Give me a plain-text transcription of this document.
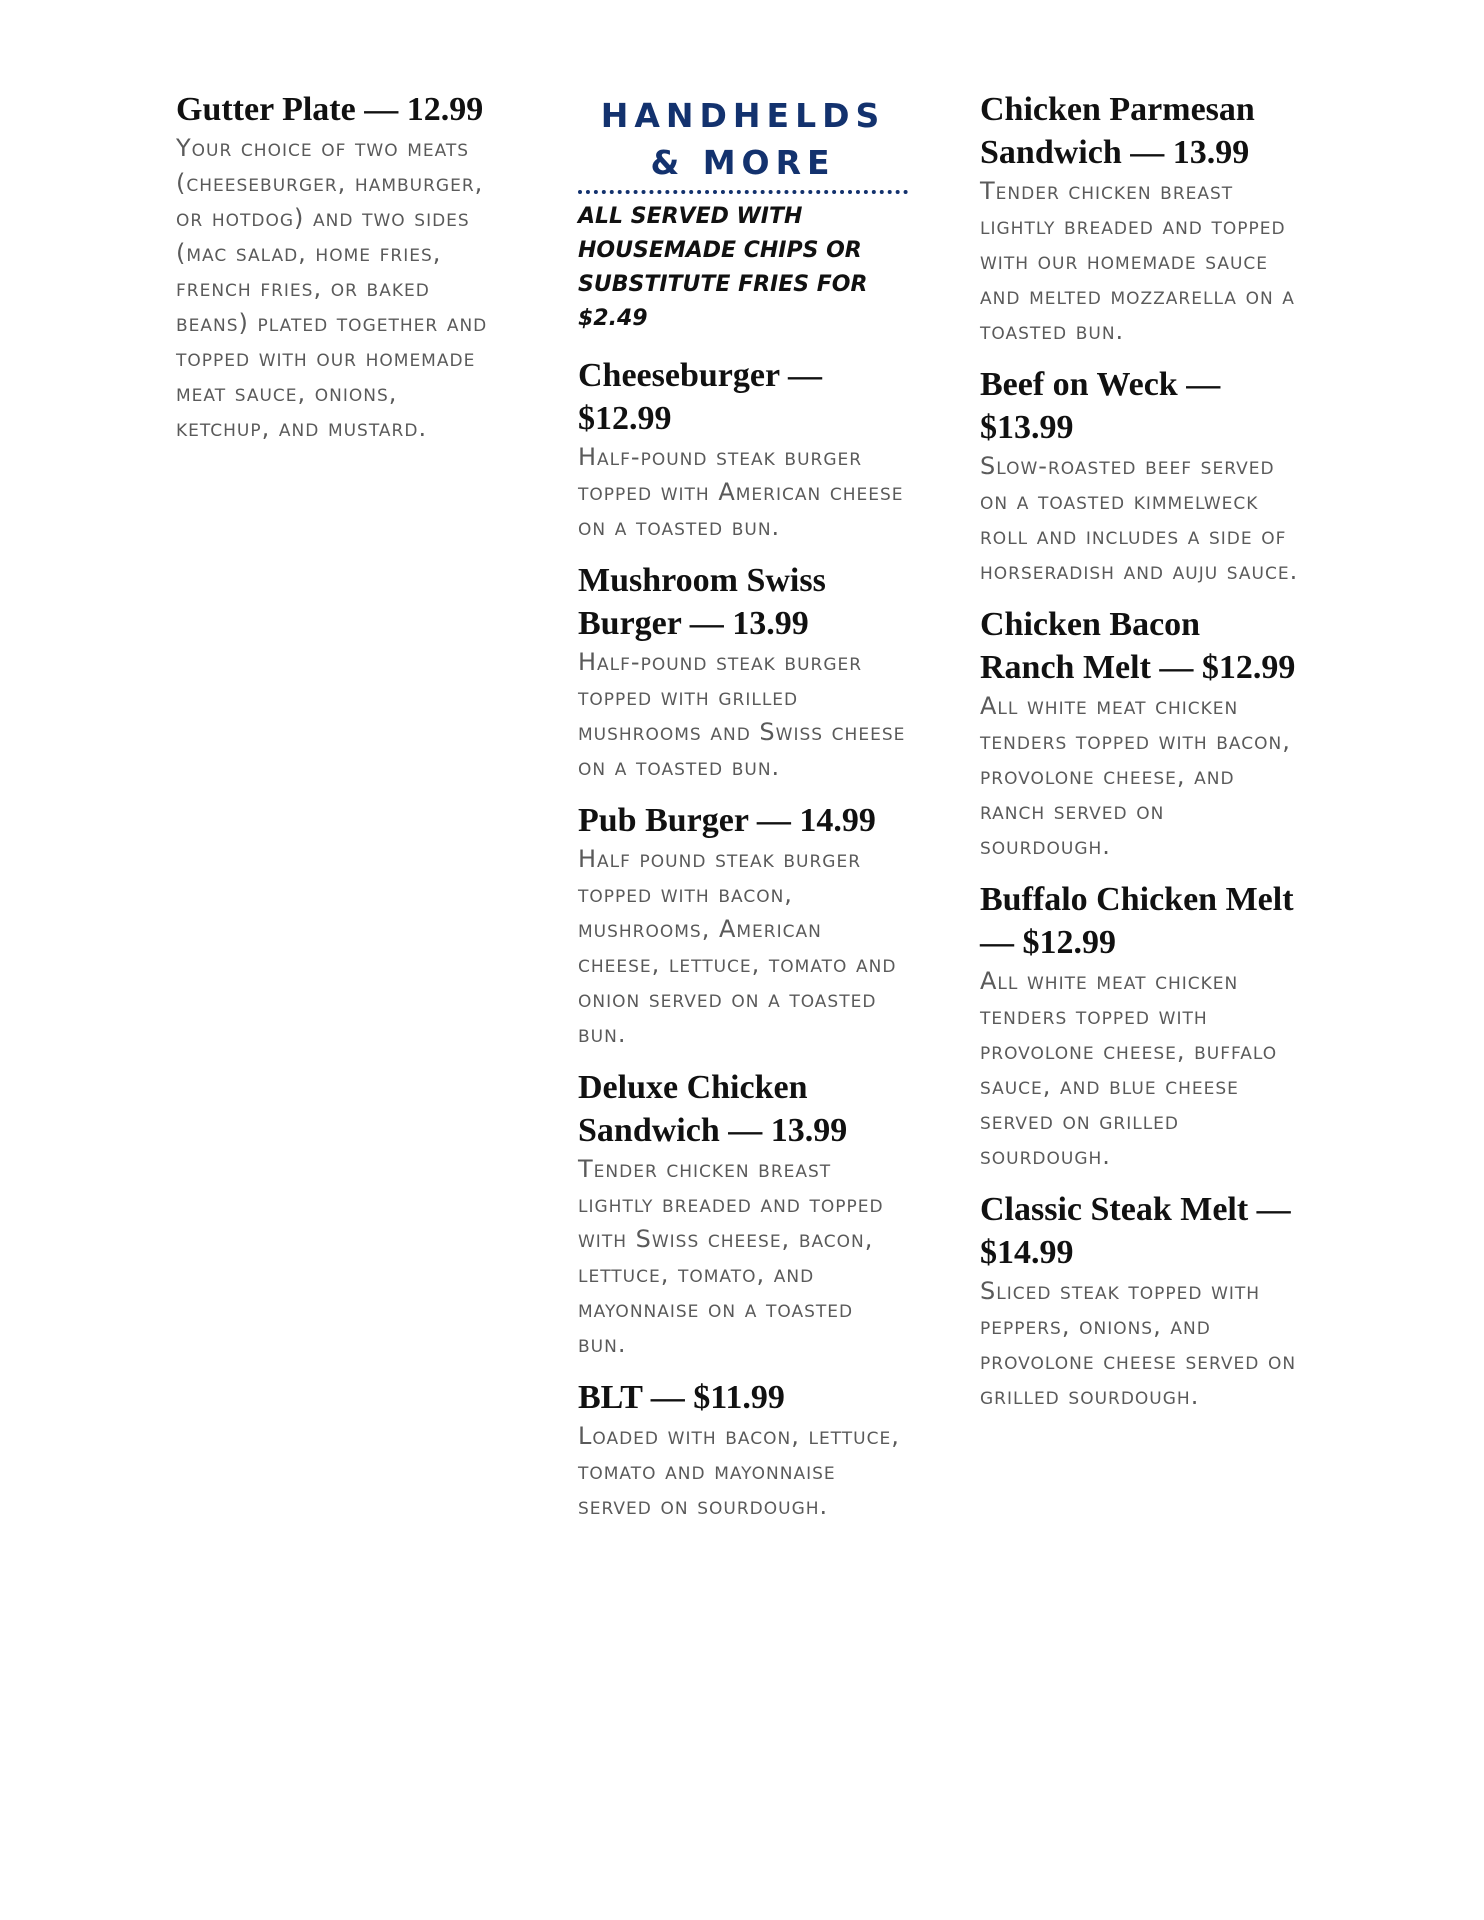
Gutter Plate — 12.99

Your choice of two meats (cheeseburger, hamburger, or hotdog) and two sides (mac salad, home fries, french fries, or baked beans) plated together and topped with our homemade meat sauce, onions, ketchup, and mustard.

HANDHELDS & MORE

ALL SERVED WITH HOUSEMADE CHIPS OR SUBSTITUTE FRIES FOR $2.49

Cheeseburger — $12.99

Half-pound steak burger topped with American cheese on a toasted bun.

Mushroom Swiss Burger — 13.99

Half-pound steak burger topped with grilled mushrooms and Swiss cheese on a toasted bun.

Pub Burger — 14.99

Half pound steak burger topped with bacon, mushrooms, American cheese, lettuce, tomato and onion served on a toasted bun.

Deluxe Chicken Sandwich — 13.99

Tender chicken breast lightly breaded and topped with Swiss cheese, bacon, lettuce, tomato, and mayonnaise on a toasted bun.

BLT — $11.99

Loaded with bacon, lettuce, tomato and mayonnaise served on sourdough.

Chicken Parmesan Sandwich — 13.99

Tender chicken breast lightly breaded and topped with our homemade sauce and melted mozzarella on a toasted bun.

Beef on Weck — $13.99

Slow-roasted beef served on a toasted kimmelweck roll and includes a side of horseradish and auju sauce.

Chicken Bacon Ranch Melt — $12.99

All white meat chicken tenders topped with bacon, provolone cheese, and ranch served on sourdough.

Buffalo Chicken Melt — $12.99

All white meat chicken tenders topped with provolone cheese, buffalo sauce, and blue cheese served on grilled sourdough.

Classic Steak Melt — $14.99

Sliced steak topped with peppers, onions, and provolone cheese served on grilled sourdough.
